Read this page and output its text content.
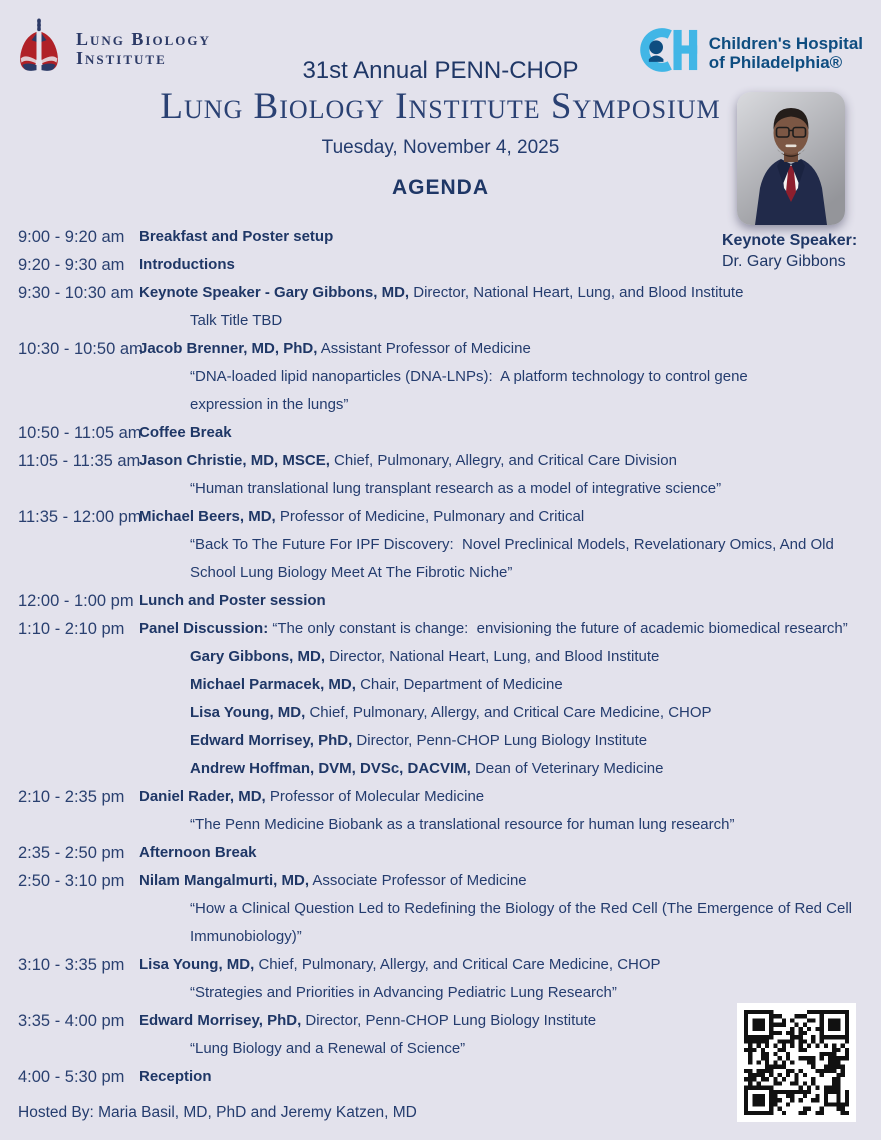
Lung Biology
Institute
Children's Hospital
of Philadelphia®
31st Annual PENN-CHOP
Lung Biology Institute Symposium
Tuesday, November 4, 2025
AGENDA
Keynote Speaker:
Dr. Gary Gibbons
9:00 - 9:20 am Breakfast and Poster setup
9:20 - 9:30 am Introductions
9:30 - 10:30 am Keynote Speaker - Gary Gibbons, MD, Director, National Heart, Lung, and Blood Institute
Talk Title TBD
10:30 - 10:50 am
Jacob Brenner, MD, PhD, Assistant Professor of Medicine
“DNA-loaded lipid nanoparticles (DNA-LNPs):  A platform technology to control gene
expression in the lungs”
10:50 - 11:05 am
Coffee Break
11:05 - 11:35 am
Jason Christie, MD, MSCE, Chief, Pulmonary, Allegry, and Critical Care Division
“Human translational lung transplant research as a model of integrative science”
11:35 - 12:00 pm
Michael Beers, MD, Professor of Medicine, Pulmonary and Critical
“Back To The Future For IPF Discovery:  Novel Preclinical Models, Revelationary Omics, And Old
School Lung Biology Meet At The Fibrotic Niche”
12:00 - 1:00 pm Lunch and Poster session
1:10 - 2:10 pm Panel Discussion: “The only constant is change:  envisioning the future of academic biomedical research”
Gary Gibbons, MD, Director, National Heart, Lung, and Blood Institute
Michael Parmacek, MD, Chair, Department of Medicine
Lisa Young, MD, Chief, Pulmonary, Allergy, and Critical Care Medicine, CHOP
Edward Morrisey, PhD, Director, Penn-CHOP Lung Biology Institute
Andrew Hoffman, DVM, DVSc, DACVIM, Dean of Veterinary Medicine
2:10 - 2:35 pm Daniel Rader, MD, Professor of Molecular Medicine
“The Penn Medicine Biobank as a translational resource for human lung research”
2:35 - 2:50 pm Afternoon Break
2:50 - 3:10 pm Nilam Mangalmurti, MD, Associate Professor of Medicine
“How a Clinical Question Led to Redefining the Biology of the Red Cell (The Emergence of Red Cell
Immunobiology)”
3:10 - 3:35 pm Lisa Young, MD, Chief, Pulmonary, Allergy, and Critical Care Medicine, CHOP
“Strategies and Priorities in Advancing Pediatric Lung Research”
3:35 - 4:00 pm Edward Morrisey, PhD, Director, Penn-CHOP Lung Biology Institute
“Lung Biology and a Renewal of Science”
4:00 - 5:30 pm Reception
Hosted By: Maria Basil, MD, PhD and Jeremy Katzen, MD
